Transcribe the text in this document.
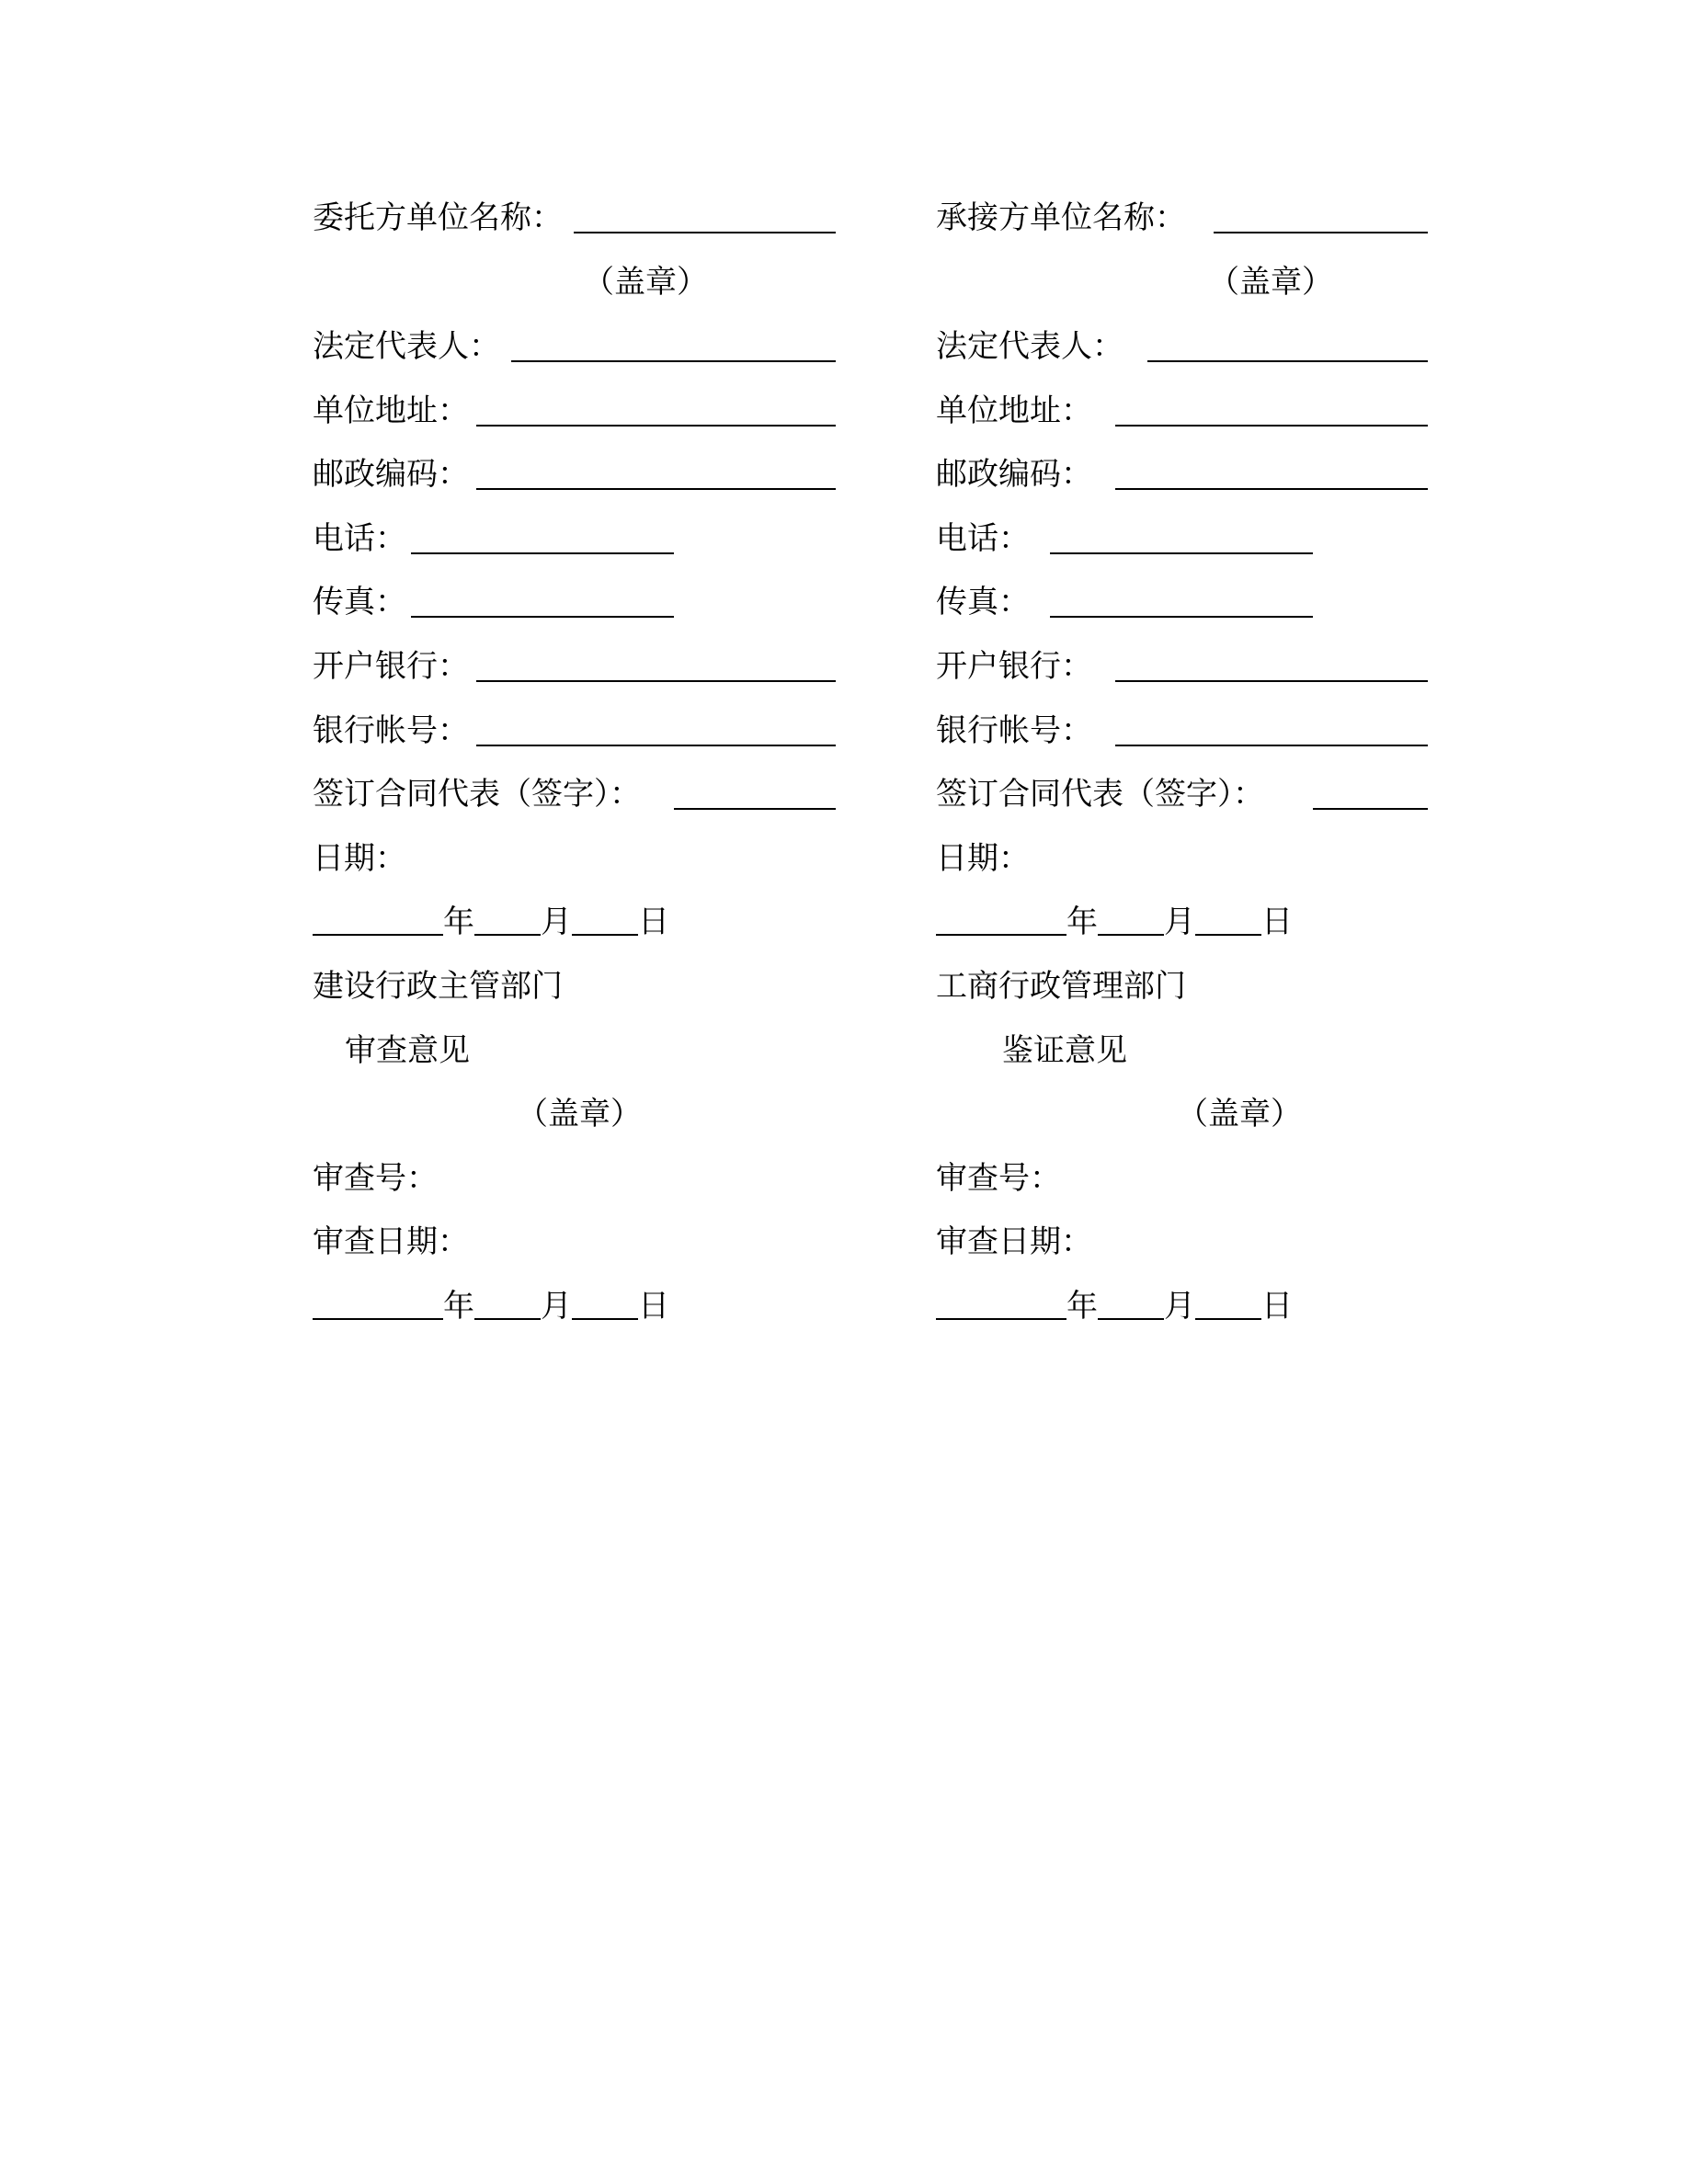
委托方单位名称：
（盖章）
法定代表人：
单位地址：
邮政编码：
电话：
传真：
开户银行：
银行帐号：
签订合同代表（签字）：
日期：
年 月 日
建设行政主管部门
审查意见
（盖章）
审查号：
审查日期：
年 月 日
承接方单位名称：
（盖章）
法定代表人：
单位地址：
邮政编码：
电话：
传真：
开户银行：
银行帐号：
签订合同代表（签字）：
日期：
年 月 日
工商行政管理部门
鉴证意见
（盖章）
审查号：
审查日期：
年 月 日
